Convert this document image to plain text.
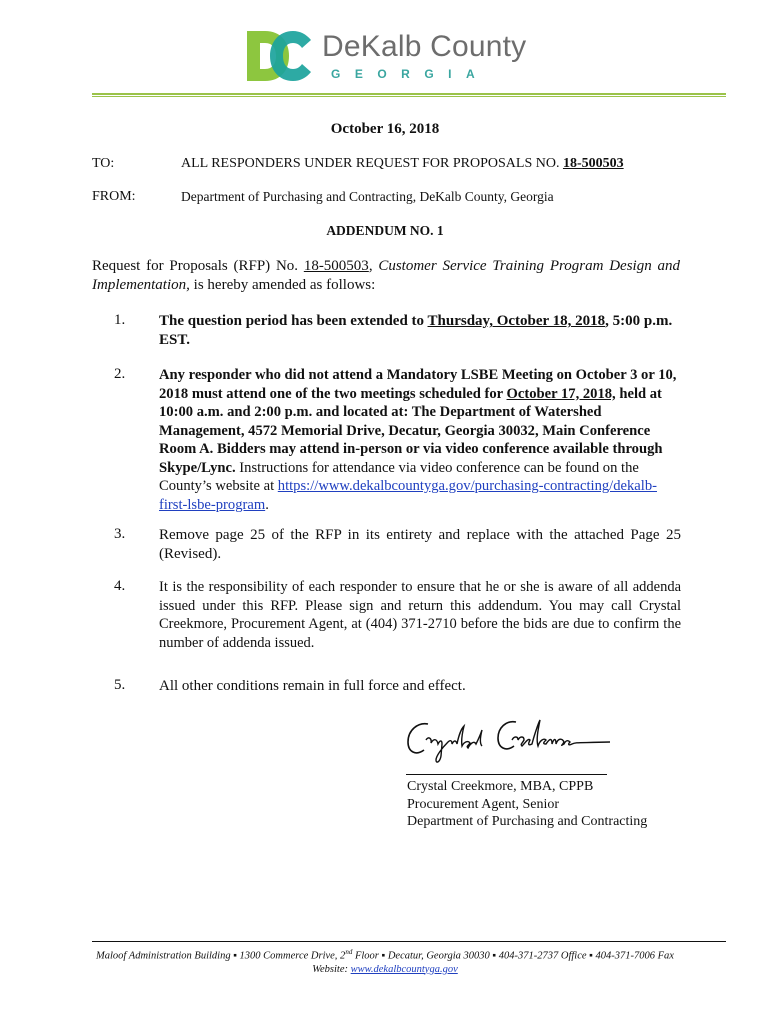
DeKalb County
GEORGIA
October 16, 2018
TO:	ALL RESPONDERS UNDER REQUEST FOR PROPOSALS NO. 18-500503
FROM:	Department of Purchasing and Contracting, DeKalb County, Georgia
ADDENDUM NO. 1
Request for Proposals (RFP) No. 18-500503, Customer Service Training Program Design and Implementation, is hereby amended as follows:
1. The question period has been extended to Thursday, October 18, 2018, 5:00 p.m. EST.
2. Any responder who did not attend a Mandatory LSBE Meeting on October 3 or 10, 2018 must attend one of the two meetings scheduled for October 17, 2018, held at 10:00 a.m. and 2:00 p.m. and located at: The Department of Watershed Management, 4572 Memorial Drive, Decatur, Georgia 30032, Main Conference Room A. Bidders may attend in-person or via video conference available through Skype/Lync. Instructions for attendance via video conference can be found on the County’s website at https://www.dekalbcountyga.gov/purchasing-contracting/dekalb-first-lsbe-program.
3. Remove page 25 of the RFP in its entirety and replace with the attached Page 25 (Revised).
4. It is the responsibility of each responder to ensure that he or she is aware of all addenda issued under this RFP. Please sign and return this addendum. You may call Crystal Creekmore, Procurement Agent, at (404) 371-2710 before the bids are due to confirm the number of addenda issued.
5. All other conditions remain in full force and effect.
Crystal Creekmore, MBA, CPPB
Procurement Agent, Senior
Department of Purchasing and Contracting
Maloof Administration Building ▪ 1300 Commerce Drive, 2nd Floor ▪ Decatur, Georgia 30030 ▪ 404-371-2737 Office ▪ 404-371-7006 Fax
Website: www.dekalbcountyga.gov
